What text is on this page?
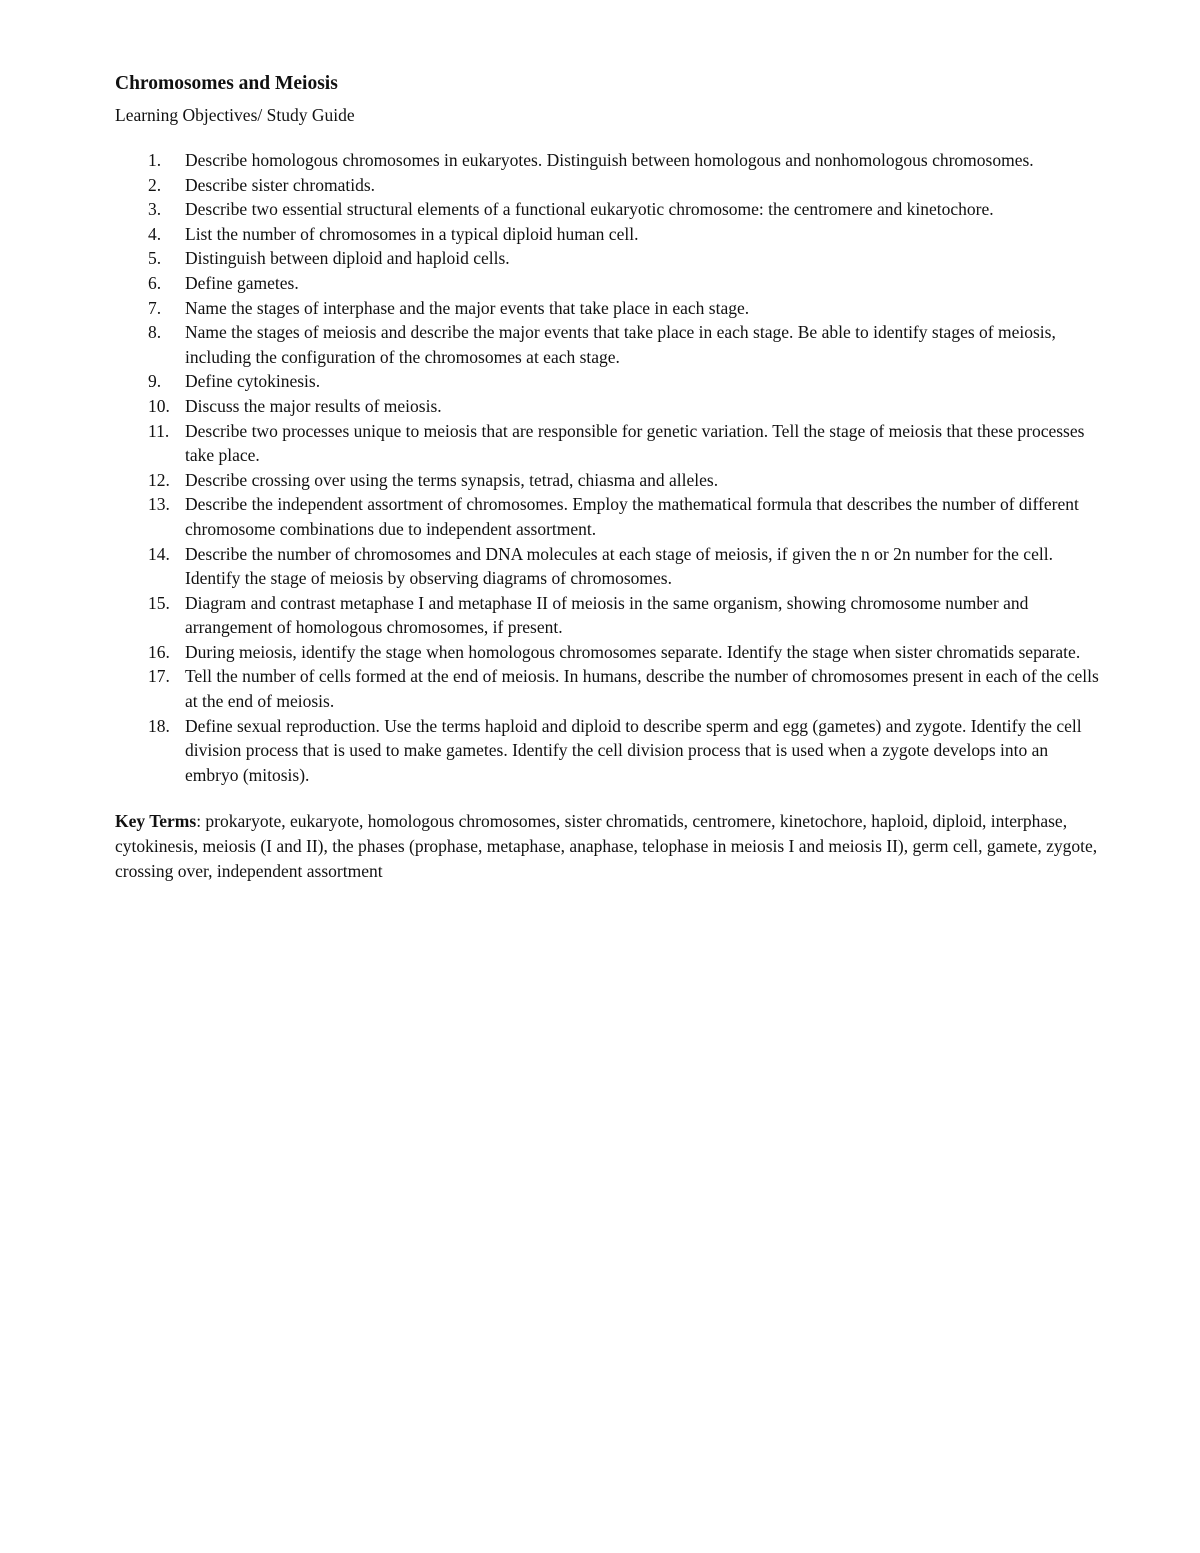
Chromosomes and Meiosis

Learning Objectives/ Study Guide

1. Describe homologous chromosomes in eukaryotes. Distinguish between homologous and nonhomologous chromosomes.
2. Describe sister chromatids.
3. Describe two essential structural elements of a functional eukaryotic chromosome: the centromere and kinetochore.
4. List the number of chromosomes in a typical diploid human cell.
5. Distinguish between diploid and haploid cells.
6. Define gametes.
7. Name the stages of interphase and the major events that take place in each stage.
8. Name the stages of meiosis and describe the major events that take place in each stage. Be able to identify stages of meiosis, including the configuration of the chromosomes at each stage.
9. Define cytokinesis.
10. Discuss the major results of meiosis.
11. Describe two processes unique to meiosis that are responsible for genetic variation. Tell the stage of meiosis that these processes take place.
12. Describe crossing over using the terms synapsis, tetrad, chiasma and alleles.
13. Describe the independent assortment of chromosomes. Employ the mathematical formula that describes the number of different chromosome combinations due to independent assortment.
14. Describe the number of chromosomes and DNA molecules at each stage of meiosis, if given the n or 2n number for the cell. Identify the stage of meiosis by observing diagrams of chromosomes.
15. Diagram and contrast metaphase I and metaphase II of meiosis in the same organism, showing chromosome number and arrangement of homologous chromosomes, if present.
16. During meiosis, identify the stage when homologous chromosomes separate. Identify the stage when sister chromatids separate.
17. Tell the number of cells formed at the end of meiosis. In humans, describe the number of chromosomes present in each of the cells at the end of meiosis.
18. Define sexual reproduction. Use the terms haploid and diploid to describe sperm and egg (gametes) and zygote. Identify the cell division process that is used to make gametes. Identify the cell division process that is used when a zygote develops into an embryo (mitosis).

Key Terms: prokaryote, eukaryote, homologous chromosomes, sister chromatids, centromere, kinetochore, haploid, diploid, interphase, cytokinesis, meiosis (I and II), the phases (prophase, metaphase, anaphase, telophase in meiosis I and meiosis II), germ cell, gamete, zygote, crossing over, independent assortment
